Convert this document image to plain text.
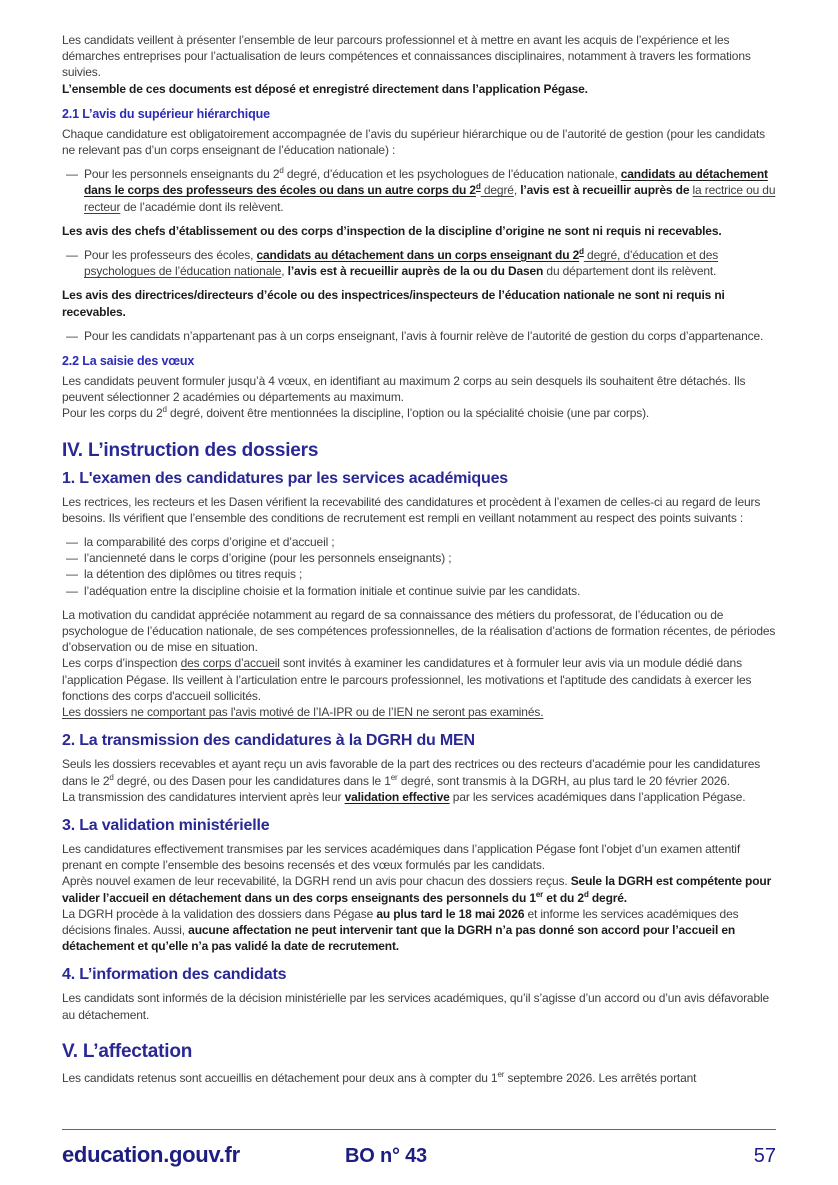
Les candidats veillent à présenter l’ensemble de leur parcours professionnel et à mettre en avant les acquis de l’expérience et les démarches entreprises pour l’actualisation de leurs compétences et connaissances disciplinaires, notamment à travers les formations suivies.
L’ensemble de ces documents est déposé et enregistré directement dans l’application Pégase.
2.1 L’avis du supérieur hiérarchique
Chaque candidature est obligatoirement accompagnée de l’avis du supérieur hiérarchique ou de l’autorité de gestion (pour les candidats ne relevant pas d’un corps enseignant de l’éducation nationale) :
— Pour les personnels enseignants du 2$^d$ degré, d’éducation et les psychologues de l’éducation nationale, candidats au détachement dans le corps des professeurs des écoles ou dans un autre corps du 2$^d$ degré, l’avis est à recueillir auprès de la rectrice ou du recteur de l’académie dont ils relèvent.
Les avis des chefs d’établissement ou des corps d’inspection de la discipline d’origine ne sont ni requis ni recevables.
— Pour les professeurs des écoles, candidats au détachement dans un corps enseignant du 2$^d$ degré, d’éducation et des psychologues de l’éducation nationale, l’avis est à recueillir auprès de la ou du Dasen du département dont ils relèvent.
Les avis des directrices/directeurs d’école ou des inspectrices/inspecteurs de l’éducation nationale ne sont ni requis ni recevables.
— Pour les candidats n’appartenant pas à un corps enseignant, l’avis à fournir relève de l’autorité de gestion du corps d’appartenance.
2.2 La saisie des vœux
Les candidats peuvent formuler jusqu’à 4 vœux, en identifiant au maximum 2 corps au sein desquels ils souhaitent être détachés. Ils peuvent sélectionner 2 académies ou départements au maximum.
Pour les corps du 2$^d$ degré, doivent être mentionnées la discipline, l’option ou la spécialité choisie (une par corps).
IV. L’instruction des dossiers
1. L'examen des candidatures par les services académiques
Les rectrices, les recteurs et les Dasen vérifient la recevabilité des candidatures et procèdent à l’examen de celles-ci au regard de leurs besoins. Ils vérifient que l’ensemble des conditions de recrutement est rempli en veillant notamment au respect des points suivants :
— la comparabilité des corps d’origine et d’accueil ;
— l’ancienneté dans le corps d’origine (pour les personnels enseignants) ;
— la détention des diplômes ou titres requis ;
— l’adéquation entre la discipline choisie et la formation initiale et continue suivie par les candidats.
La motivation du candidat appréciée notamment au regard de sa connaissance des métiers du professorat, de l’éducation ou de psychologue de l’éducation nationale, de ses compétences professionnelles, de la réalisation d’actions de formation récentes, de périodes d’observation ou de mise en situation.
Les corps d’inspection des corps d’accueil sont invités à examiner les candidatures et à formuler leur avis via un module dédié dans l’application Pégase. Ils veillent à l’articulation entre le parcours professionnel, les motivations et l'aptitude des candidats à exercer les fonctions des corps d'accueil sollicités.
Les dossiers ne comportant pas l'avis motivé de l’IA-IPR ou de l’IEN ne seront pas examinés.
2. La transmission des candidatures à la DGRH du MEN
Seuls les dossiers recevables et ayant reçu un avis favorable de la part des rectrices ou des recteurs d’académie pour les candidatures dans le 2$^d$ degré, ou des Dasen pour les candidatures dans le 1er degré, sont transmis à la DGRH, au plus tard le 20 février 2026.
La transmission des candidatures intervient après leur validation effective par les services académiques dans l’application Pégase.
3. La validation ministérielle
Les candidatures effectivement transmises par les services académiques dans l’application Pégase font l’objet d’un examen attentif prenant en compte l’ensemble des besoins recensés et des vœux formulés par les candidats.
Après nouvel examen de leur recevabilité, la DGRH rend un avis pour chacun des dossiers reçus. Seule la DGRH est compétente pour valider l’accueil en détachement dans un des corps enseignants des personnels du 1er et du 2$^d$ degré.
La DGRH procède à la validation des dossiers dans Pégase au plus tard le 18 mai 2026 et informe les services académiques des décisions finales. Aussi, aucune affectation ne peut intervenir tant que la DGRH n’a pas donné son accord pour l’accueil en détachement et qu’elle n’a pas validé la date de recrutement.
4. L’information des candidats
Les candidats sont informés de la décision ministérielle par les services académiques, qu’il s’agisse d’un accord ou d’un avis défavorable au détachement.
V. L’affectation
Les candidats retenus sont accueillis en détachement pour deux ans à compter du 1er septembre 2026. Les arrêtés portant
education.gouv.fr	BO n° 43	57
